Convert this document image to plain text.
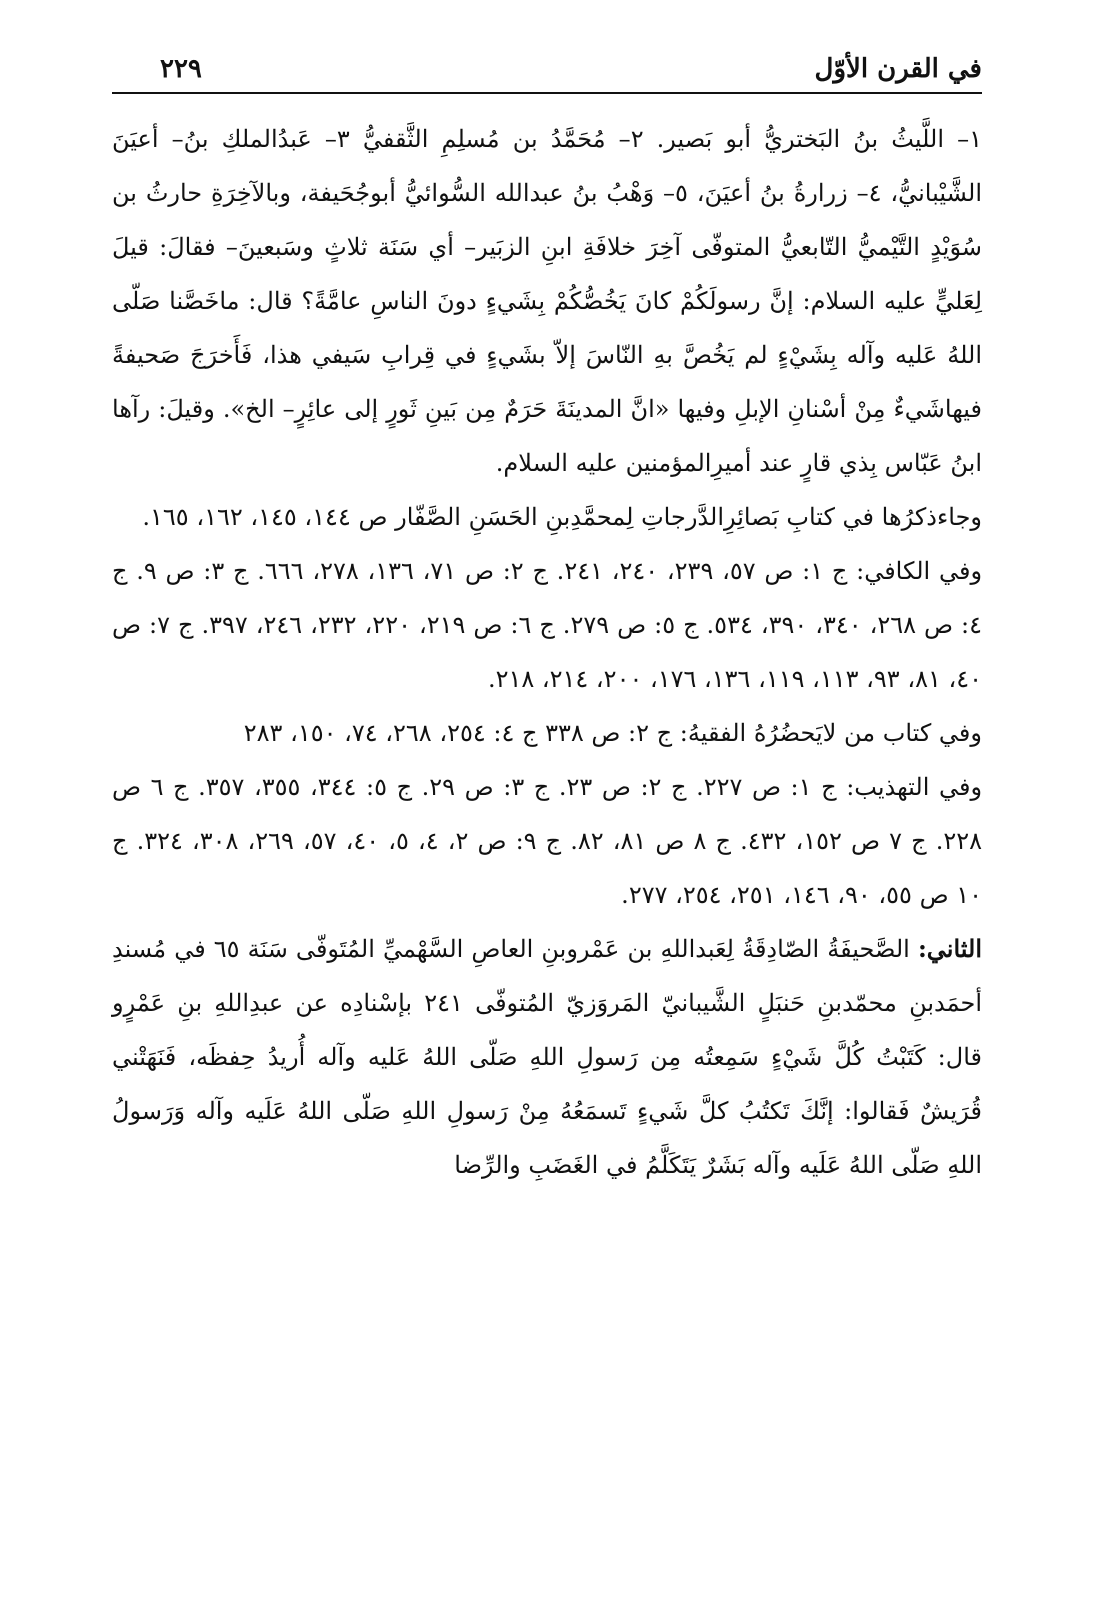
في القرن الأوّل
٢٢٩

١– اللَّيثُ بنُ البَختريُّ أبو بَصير. ٢– مُحَمَّدُ بن مُسلِمِ الثَّقفيُّ ٣– عَبدُالملكِ بنُ– أعيَنَ الشَّيْبانيُّ، ٤– زرارةُ بنُ أعيَنَ، ٥– وَهْبُ بنُ عبدالله السُّوائيُّ أبوجُحَيفة، وبالآخِرَةِ حارثُ بن سُوَيْدٍ التَّيْميُّ التّابعيُّ المتوفّى آخِرَ خلافَةِ ابنِ الزبَير– أي سَنَة ثلاثٍ وسَبعينَ– فقالَ: قيلَ لِعَليٍّ عليه السلام: إنَّ رسولَكُمْ كانَ يَخُصُّكُمْ بِشَيءٍ دونَ الناسِ عامَّةً؟ قال: ماخَصَّنا صَلّى اللهُ عَليه وآله بِشَيْءٍ لم يَخُصَّ بهِ النّاسَ إلاّ بشَيءٍ في قِرابِ سَيفي هذا، فَأَخرَجَ صَحيفةً فيهاشَيءٌ مِنْ أسْنانِ الإبلِ وفيها «انَّ المدينَةَ حَرَمٌ مِن بَينِ ثَورٍ إلى عائِرٍ– الخ». وقيلَ: رآها ابنُ عَبّاس بِذي قارٍ عند أميرِالمؤمنين عليه السلام.

وجاءذكرُها في كتابِ بَصائِرِالدَّرجاتِ لِمحمَّدِبنِ الحَسَنِ الصَّفّار ص ١٤٤، ١٤٥، ١٦٢، ١٦٥.

وفي الكافي: ج ١: ص ٥٧، ٢٣٩، ٢٤٠، ٢٤١. ج ٢: ص ٧١، ١٣٦، ٢٧٨، ٦٦٦. ج ٣: ص ٩. ج ٤: ص ٢٦٨، ٣٤٠، ٣٩٠، ٥٣٤. ج ٥: ص ٢٧٩. ج ٦: ص ٢١٩، ٢٢٠، ٢٣٢، ٢٤٦، ٣٩٧. ج ٧: ص ٤٠، ٨١، ٩٣، ١١٣، ١١٩، ١٣٦، ١٧٦، ٢٠٠، ٢١٤، ٢١٨.

وفي كتاب من لايَحضُرُهُ الفقيهُ: ج ٢: ص ٣٣٨ ج ٤: ٢٥٤، ٢٦٨، ٧٤، ١٥٠، ٢٨٣

وفي التهذيب: ج ١: ص ٢٢٧. ج ٢: ص ٢٣. ج ٣: ص ٢٩. ج ٥: ٣٤٤، ٣٥٥، ٣٥٧. ج ٦ ص ٢٢٨. ج ٧ ص ١٥٢، ٤٣٢. ج ٨ ص ٨١، ٨٢. ج ٩: ص ٢، ٤، ٥، ٤٠، ٥٧، ٢٦٩، ٣٠٨، ٣٢٤. ج ١٠ ص ٥٥، ٩٠، ١٤٦، ٢٥١، ٢٥٤، ٢٧٧.

الثاني: الصَّحيفَةُ الصّادِقَةُ لِعَبداللهِ بن عَمْروبنِ العاصِ السَّهْميِّ المُتَوفّى سَنَة ٦٥ في مُسندِ أحمَدبنِ محمّدبنِ حَنبَلٍ الشَّيبانيّ المَروَزيّ المُتوفّى ٢٤١ بإسْنادِه عن عبدِاللهِ بنِ عَمْرٍو قال: كَتَبْتُ كُلَّ شَيْءٍ سَمِعتُه مِن رَسولِ اللهِ صَلّى اللهُ عَليه وآله أُريدُ حِفظَه، فَنَهَتْني قُرَيشٌ فَقالوا: إنَّكَ تَكتُبُ كلَّ شَيءٍ تَسمَعُهُ مِنْ رَسولِ اللهِ صَلّى اللهُ عَلَيه وآله وَرَسولُ اللهِ صَلّى اللهُ عَلَيه وآله بَشَرٌ يَتَكَلَّمُ في الغَضَبِ والرِّضا
